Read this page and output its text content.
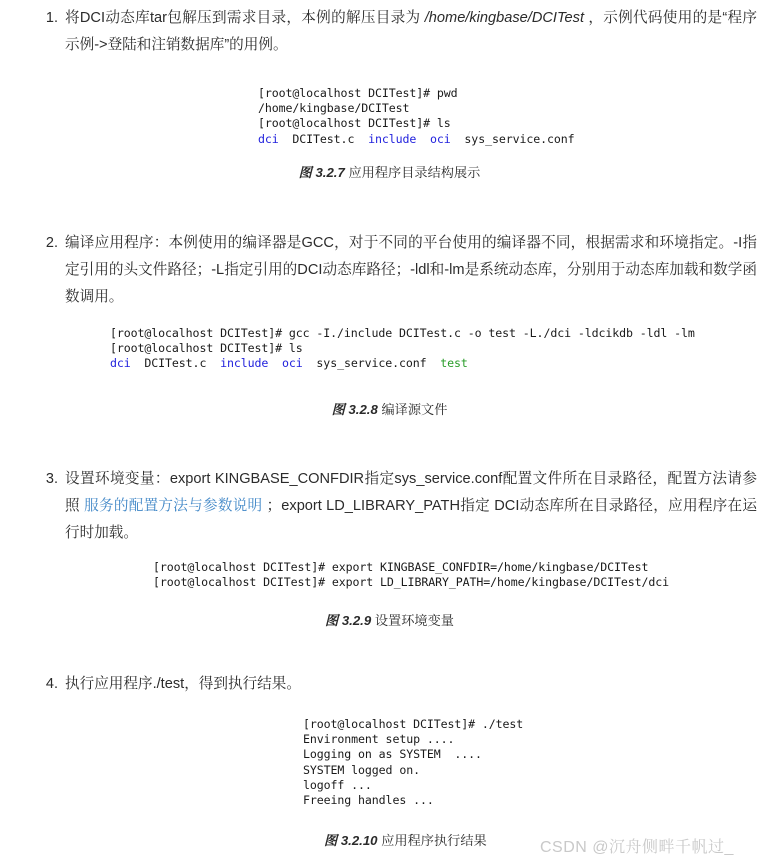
1. 将DCI动态库tar包解压到需求目录，本例的解压目录为 /home/kingbase/DCITest ，示例代码使用的是“程序示例->登陆和注销数据库”的用例。
[root@localhost DCITest]# pwd
/home/kingbase/DCITest
[root@localhost DCITest]# ls
dci  DCITest.c  include oci  sys_service.conf
图 3.2.7 应用程序目录结构展示
2. 编译应用程序：本例使用的编译器是GCC，对于不同的平台使用的编译器不同，根据需求和环境指定。-I指定引用的头文件路径；-L指定引用的DCI动态库路径；-ldl和-lm是系统动态库，分别用于动态库加载和数学函数调用。
[root@localhost DCITest]# gcc -I./include DCITest.c -o test -L./dci -ldcikdb -ldl -lm
[root@localhost DCITest]# ls
dci  DCITest.c  include oci  sys_service.conf  test
图 3.2.8 编译源文件
3. 设置环境变量：export KINGBASE_CONFDIR指定sys_service.conf配置文件所在目录路径，配置方法请参照 服务的配置方法与参数说明 ；export LD_LIBRARY_PATH指定 DCI动态库所在目录路径，应用程序在运行时加载。
[root@localhost DCITest]# export KINGBASE_CONFDIR=/home/kingbase/DCITest
[root@localhost DCITest]# export LD_LIBRARY_PATH=/home/kingbase/DCITest/dci
图 3.2.9 设置环境变量
4. 执行应用程序./test，得到执行结果。
[root@localhost DCITest]# ./test
Environment setup ....
Logging on as SYSTEM  ....
SYSTEM logged on.
logoff ...
Freeing handles ...
图 3.2.10 应用程序执行结果	CSDN @沉舟侧畔千帆过_
